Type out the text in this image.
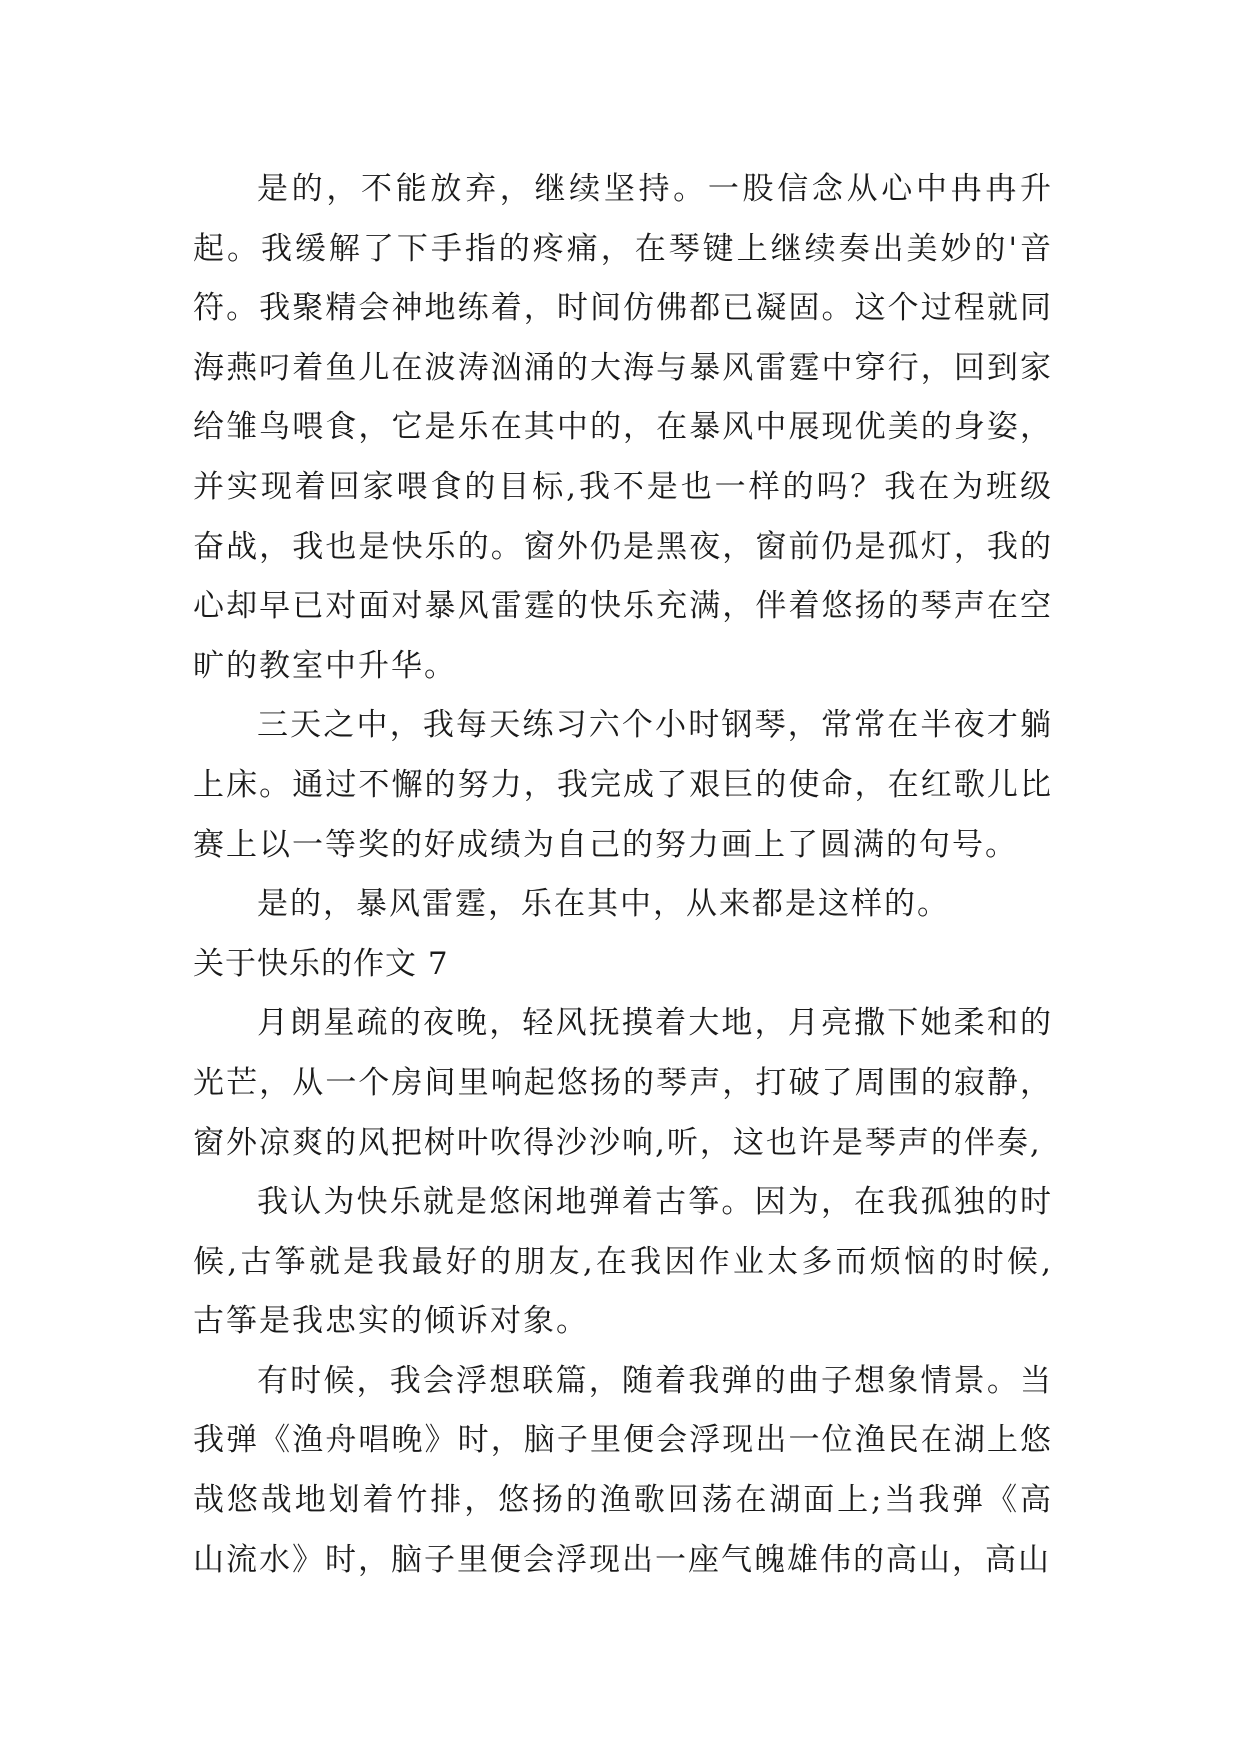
是的，不能放弃，继续坚持。一股信念从心中冉冉升起。我缓解了下手指的疼痛，在琴键上继续奏出美妙的'音符。我聚精会神地练着，时间仿佛都已凝固。这个过程就同海燕叼着鱼儿在波涛汹涌的大海与暴风雷霆中穿行，回到家给雏鸟喂食，它是乐在其中的，在暴风中展现优美的身姿，并实现着回家喂食的目标,我不是也一样的吗？我在为班级奋战，我也是快乐的。窗外仍是黑夜，窗前仍是孤灯，我的心却早已对面对暴风雷霆的快乐充满，伴着悠扬的琴声在空旷的教室中升华。

三天之中，我每天练习六个小时钢琴，常常在半夜才躺上床。通过不懈的努力，我完成了艰巨的使命，在红歌儿比赛上以一等奖的好成绩为自己的努力画上了圆满的句号。

是的，暴风雷霆，乐在其中，从来都是这样的。

关于快乐的作文 7

月朗星疏的夜晚，轻风抚摸着大地，月亮撒下她柔和的光芒，从一个房间里响起悠扬的琴声，打破了周围的寂静，窗外凉爽的风把树叶吹得沙沙响,听，这也许是琴声的伴奏,

我认为快乐就是悠闲地弹着古筝。因为，在我孤独的时候,古筝就是我最好的朋友,在我因作业太多而烦恼的时候,古筝是我忠实的倾诉对象。

有时候，我会浮想联篇，随着我弹的曲子想象情景。当我弹《渔舟唱晚》时，脑子里便会浮现出一位渔民在湖上悠哉悠哉地划着竹排，悠扬的渔歌回荡在湖面上;当我弹《高山流水》时，脑子里便会浮现出一座气魄雄伟的高山，高山
